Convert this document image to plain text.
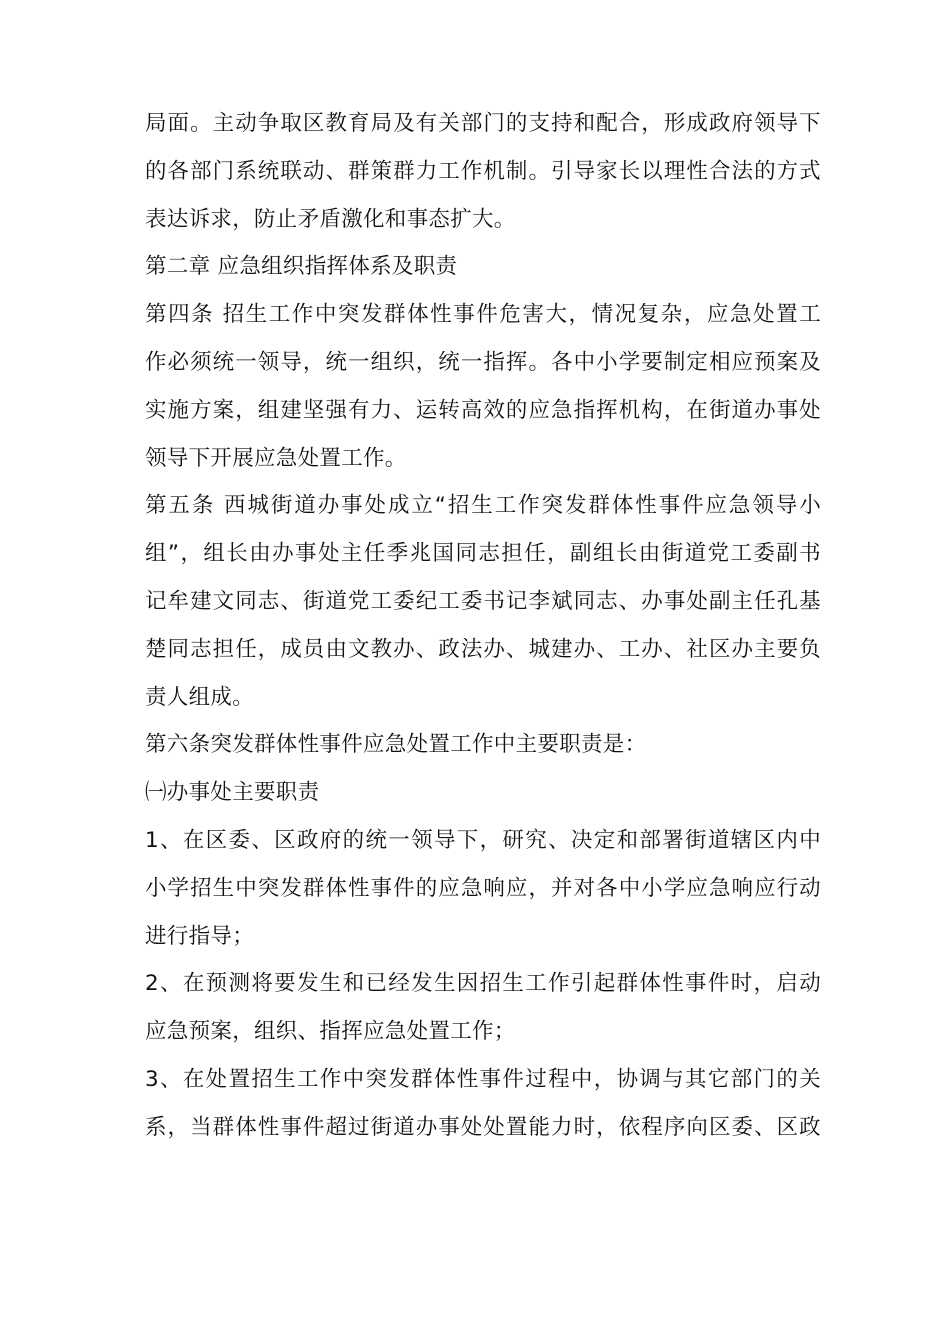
局面。主动争取区教育局及有关部门的支持和配合，形成政府领导下
的各部门系统联动、群策群力工作机制。引导家长以理性合法的方式
表达诉求，防止矛盾激化和事态扩大。
第二章 应急组织指挥体系及职责
第四条 招生工作中突发群体性事件危害大，情况复杂，应急处置工
作必须统一领导，统一组织，统一指挥。各中小学要制定相应预案及
实施方案，组建坚强有力、运转高效的应急指挥机构，在街道办事处
领导下开展应急处置工作。
第五条 西城街道办事处成立“招生工作突发群体性事件应急领导小
组”，组长由办事处主任季兆国同志担任，副组长由街道党工委副书
记牟建文同志、街道党工委纪工委书记李斌同志、办事处副主任孔基
楚同志担任，成员由文教办、政法办、城建办、工办、社区办主要负
责人组成。
第六条突发群体性事件应急处置工作中主要职责是：
㈠办事处主要职责
1、在区委、区政府的统一领导下，研究、决定和部署街道辖区内中
小学招生中突发群体性事件的应急响应，并对各中小学应急响应行动
进行指导；
2、在预测将要发生和已经发生因招生工作引起群体性事件时，启动
应急预案，组织、指挥应急处置工作；
3、在处置招生工作中突发群体性事件过程中，协调与其它部门的关
系，当群体性事件超过街道办事处处置能力时，依程序向区委、区政
